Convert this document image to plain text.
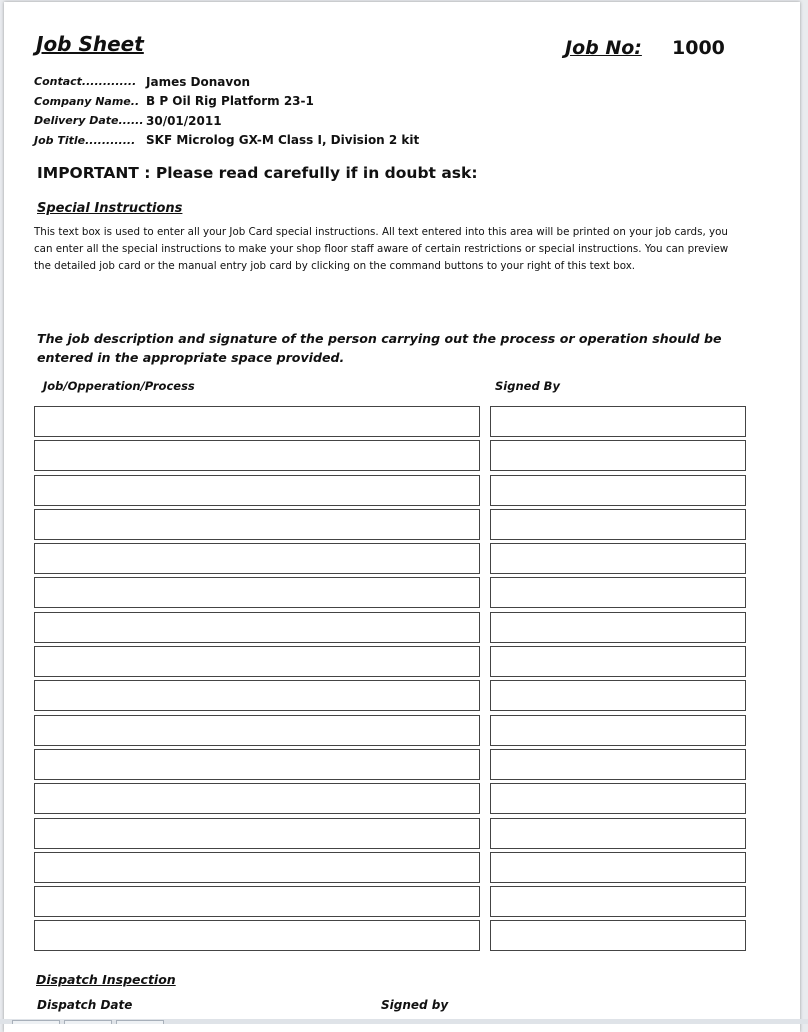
Job Sheet	Job No: 1000
Contact............. James Donavon
Company Name.. B P Oil Rig Platform 23-1
Delivery Date...... 30/01/2011
Job Title............ SKF Microlog GX-M Class I, Division 2 kit

IMPORTANT : Please read carefully if in doubt ask:

Special Instructions

This text box is used to enter all your Job Card special instructions. All text entered into this area will be printed on your job cards, you can enter all the special instructions to make your shop floor staff aware of certain restrictions or special instructions. You can preview the detailed job card or the manual entry job card by clicking on the command buttons to your right of this text box.

The job description and signature of the person carrying out the process or operation should be entered in the appropriate space provided.

Job/Opperation/Process	Signed By
Dispatch Inspection
Dispatch Date	Signed by
